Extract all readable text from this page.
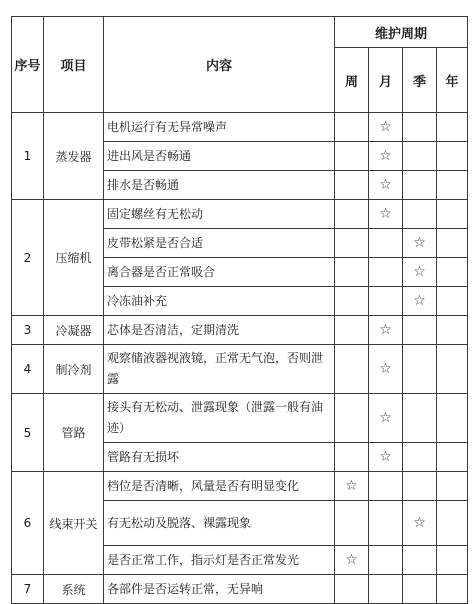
序号	项目	内容	维护周期			
			周	月	季	年
1	蒸发器	电机运行有无异常噪声		☆		
		进出风是否畅通		☆		
		排水是否畅通		☆		
2	压缩机	固定螺丝有无松动		☆		
		皮带松紧是否合适			☆	
		离合器是否正常吸合			☆	
		冷冻油补充			☆	
3	冷凝器	芯体是否清洁，定期清洗		☆		
4	制冷剂	观察储液器视液镜，正常无气泡，否则泄露		☆		
5	管路	接头有无松动、泄露现象（泄露一般有油迹）		☆		
		管路有无损坏		☆		
6	线束开关	档位是否清晰，风量是否有明显变化	☆			
		有无松动及脱落、裸露现象			☆	
		是否正常工作，指示灯是否正常发光	☆			
7	系统	各部件是否运转正常，无异响				
